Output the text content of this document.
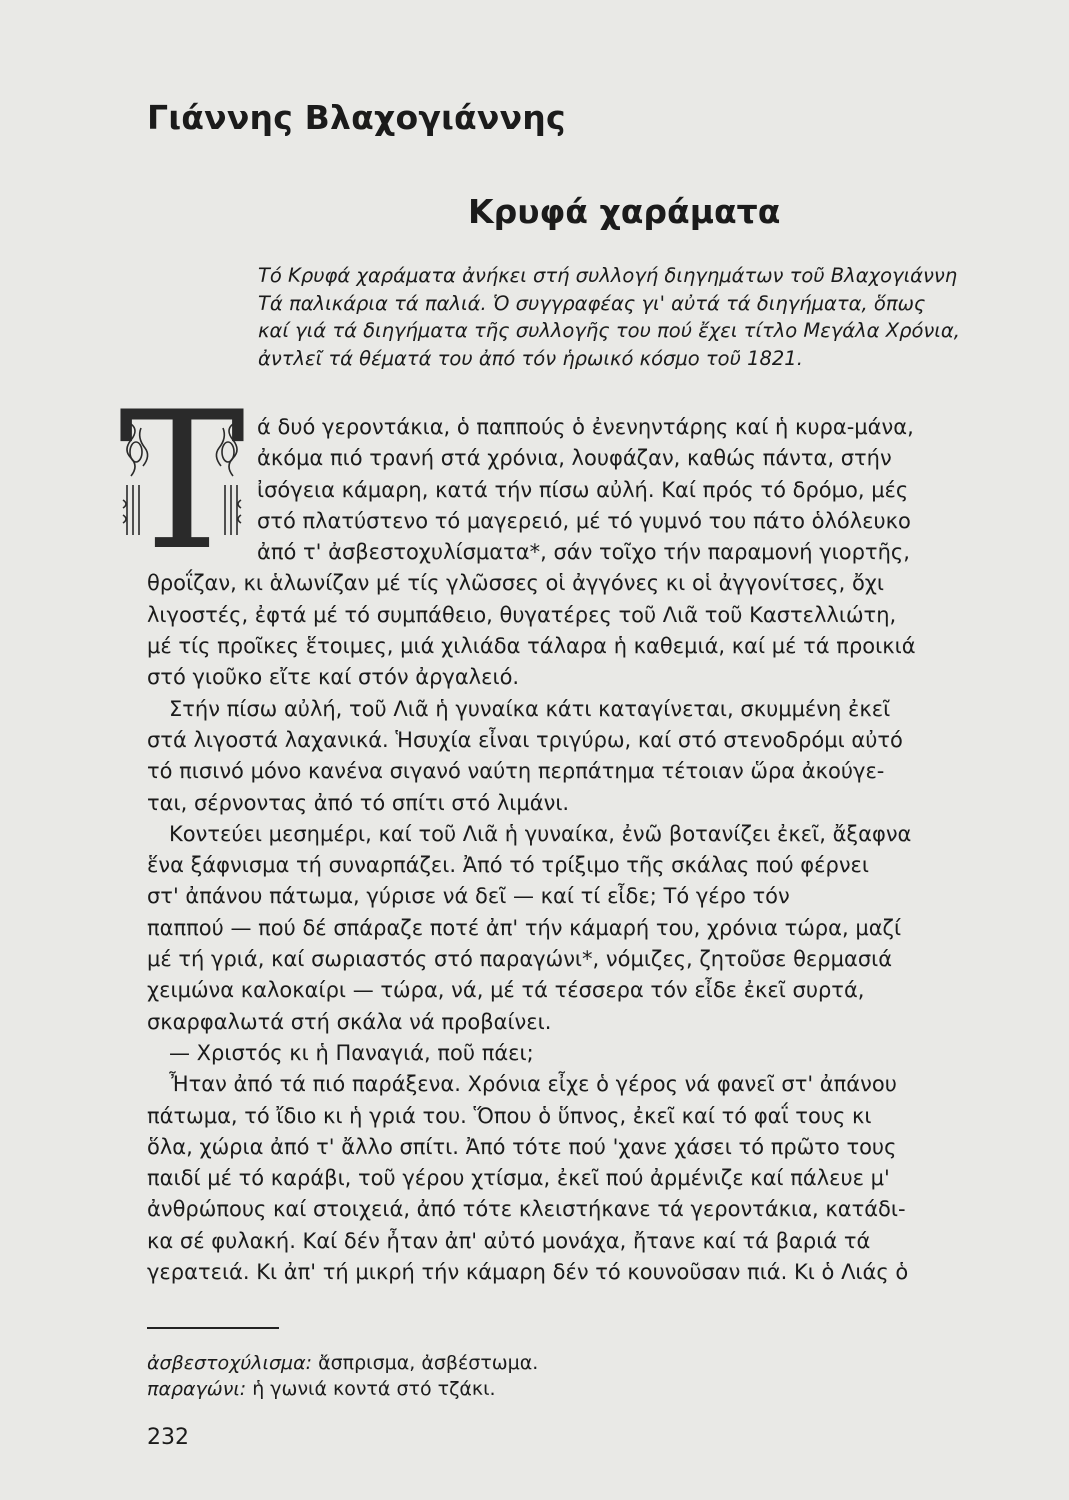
Γιάννης Βλαχογιάννης
Κρυφά χαράματα
Τό Κρυφά χαράματα ἀνήκει στή συλλογή διηγημάτων τοῦ Βλαχογιάννη
Τά παλικάρια τά παλιά. Ὁ συγγραφέας γι' αὐτά τά διηγήματα, ὅπως
καί γιά τά διηγήματα τῆς συλλογῆς του πού ἔχει τίτλο Μεγάλα Χρόνια,
ἀντλεῖ τά θέματά του ἀπό τόν ἡρωικό κόσμο τοῦ 1821.
T ά δυό γεροντάκια, ὁ παππούς ὁ ἐνενηντάρης καί ἡ κυρα-μάνα,
ἀκόμα πιό τρανή στά χρόνια, λουφάζαν, καθώς πάντα, στήν
ἰσόγεια κάμαρη, κατά τήν πίσω αὐλή. Καί πρός τό δρόμο, μές
στό πλατύστενο τό μαγερειό, μέ τό γυμνό του πάτο ὁλόλευκο
ἀπό τ' ἀσβεστοχυλίσματα*, σάν τοῖχο τήν παραμονή γιορτῆς,
θροΐζαν, κι ἁλωνίζαν μέ τίς γλῶσσες οἱ ἀγγόνες κι οἱ ἀγγονίτσες, ὄχι
λιγοστές, ἐφτά μέ τό συμπάθειο, θυγατέρες τοῦ Λιᾶ τοῦ Καστελλιώτη,
μέ τίς προῖκες ἕτοιμες, μιά χιλιάδα τάλαρα ἡ καθεμιά, καί μέ τά προικιά
στό γιοῦκο εἴτε καί στόν ἀργαλειό.
Στήν πίσω αὐλή, τοῦ Λιᾶ ἡ γυναίκα κάτι καταγίνεται, σκυμμένη ἐκεῖ
στά λιγοστά λαχανικά. Ἡσυχία εἶναι τριγύρω, καί στό στενοδρόμι αὐτό
τό πισινό μόνο κανένα σιγανό ναύτη περπάτημα τέτοιαν ὥρα ἀκούγε-
ται, σέρνοντας ἀπό τό σπίτι στό λιμάνι.
Κοντεύει μεσημέρι, καί τοῦ Λιᾶ ἡ γυναίκα, ἐνῶ βοτανίζει ἐκεῖ, ἄξαφνα
ἕνα ξάφνισμα τή συναρπάζει. Ἀπό τό τρίξιμο τῆς σκάλας πού φέρνει
στ' ἀπάνου πάτωμα, γύρισε νά δεῖ — καί τί εἶδε; Τό γέρο τόν
παππού — πού δέ σπάραζε ποτέ ἀπ' τήν κάμαρή του, χρόνια τώρα, μαζί
μέ τή γριά, καί σωριαστός στό παραγώνι*, νόμιζες, ζητοῦσε θερμασιά
χειμώνα καλοκαίρι — τώρα, νά, μέ τά τέσσερα τόν εἶδε ἐκεῖ συρτά,
σκαρφαλωτά στή σκάλα νά προβαίνει.
— Χριστός κι ἡ Παναγιά, ποῦ πάει;
Ἦταν ἀπό τά πιό παράξενα. Χρόνια εἶχε ὁ γέρος νά φανεῖ στ' ἀπάνου
πάτωμα, τό ἴδιο κι ἡ γριά του. Ὅπου ὁ ὕπνος, ἐκεῖ καί τό φαΐ τους κι
ὅλα, χώρια ἀπό τ' ἄλλο σπίτι. Ἀπό τότε πού 'χανε χάσει τό πρῶτο τους
παιδί μέ τό καράβι, τοῦ γέρου χτίσμα, ἐκεῖ πού ἀρμένιζε καί πάλευε μ'
ἀνθρώπους καί στοιχειά, ἀπό τότε κλειστήκανε τά γεροντάκια, κατάδι-
κα σέ φυλακή. Καί δέν ἦταν ἀπ' αὐτό μονάχα, ἤτανε καί τά βαριά τά
γερατειά. Κι ἀπ' τή μικρή τήν κάμαρη δέν τό κουνοῦσαν πιά. Κι ὁ Λιάς ὁ
ἀσβεστοχύλισμα: ἄσπρισμα, ἀσβέστωμα.
παραγώνι: ἡ γωνιά κοντά στό τζάκι.
232
